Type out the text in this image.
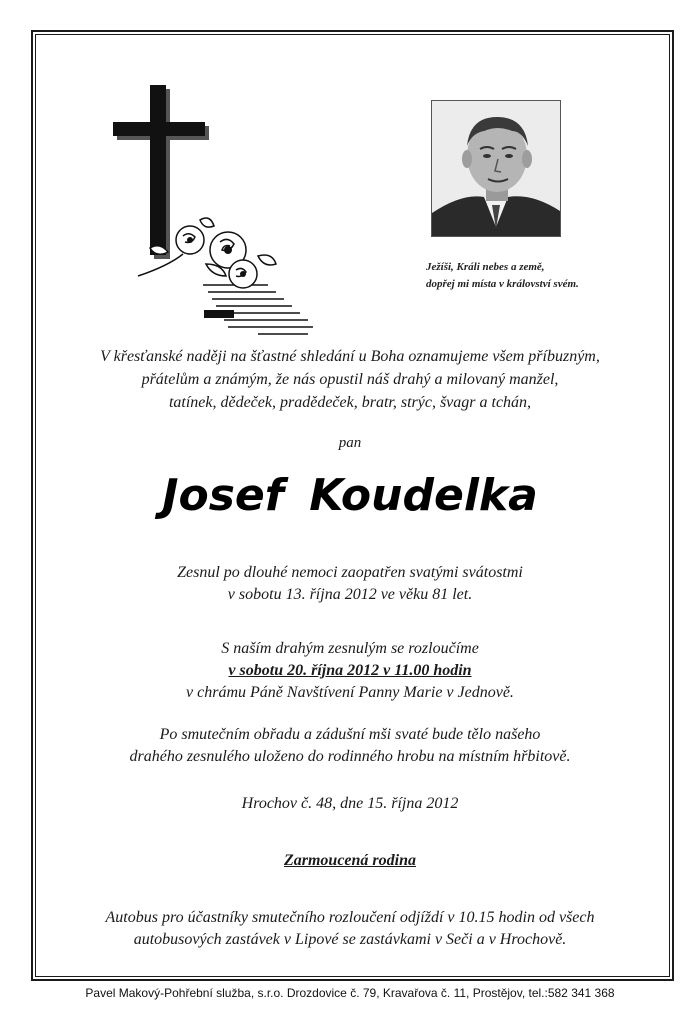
Ježíši, Králi nebes a země,
dopřej mi místa v království svém.
V křesťanské naději na šťastné shledání u Boha oznamujeme všem příbuzným,
přátelům a známým, že nás opustil náš drahý a milovaný manžel,
tatínek, dědeček, pradědeček, bratr, strýc, švagr a tchán,
pan
Josef Koudelka
Zesnul po dlouhé nemoci zaopatřen svatými svátostmi
v sobotu 13. října 2012 ve věku 81 let.
S naším drahým zesnulým se rozloučíme
v sobotu 20. října 2012 v 11.00 hodin
v chrámu Páně Navštívení Panny Marie v Jednově.
Po smutečním obřadu a zádušní mši svaté bude tělo našeho
drahého zesnulého uloženo do rodinného hrobu na místním hřbitově.
Hrochov č. 48, dne 15. října 2012
Zarmoucená rodina
Autobus pro účastníky smutečního rozloučení odjíždí v 10.15 hodin od všech
autobusových zastávek v Lipové se zastávkami v Seči a v Hrochově.
Pavel Makový-Pohřební služba, s.r.o. Drozdovice č. 79, Kravařova č. 11, Prostějov, tel.:582 341 368
